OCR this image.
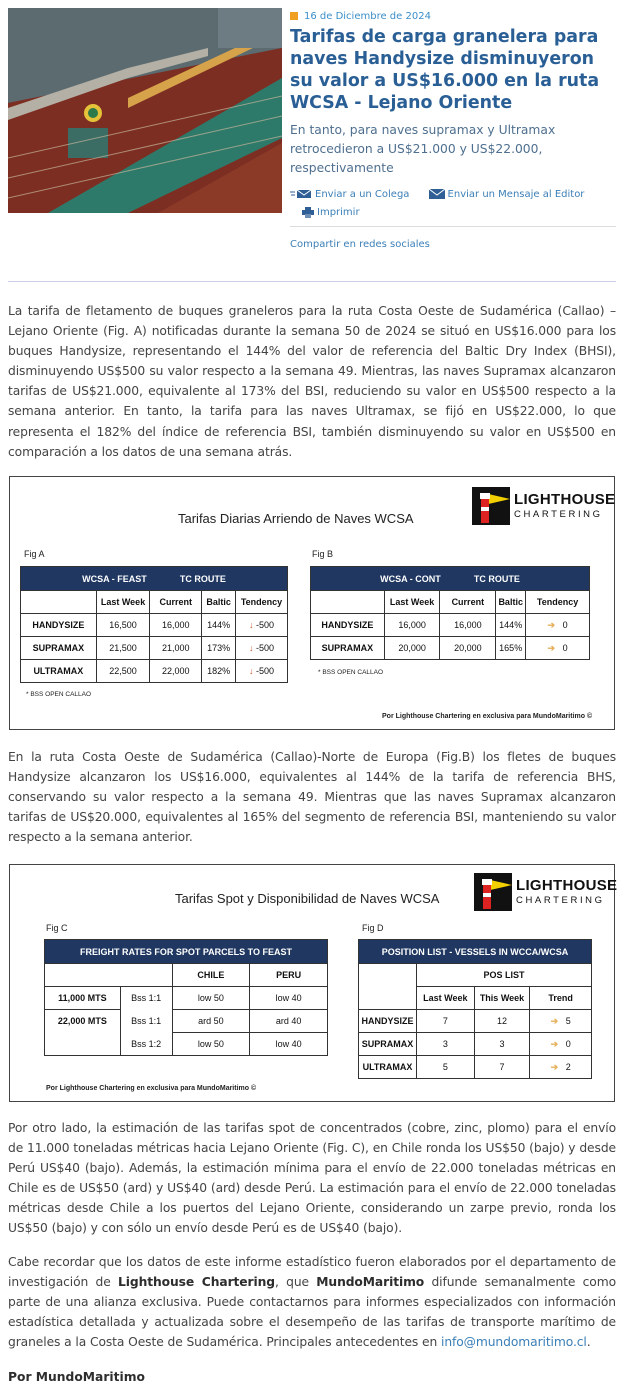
16 de Diciembre de 2024
Tarifas de carga granelera para naves Handysize disminuyeron su valor a US$16.000 en la ruta WCSA - Lejano Oriente

En tanto, para naves supramax y Ultramax retrocedieron a US$21.000 y US$22.000, respectivamente

Enviar a un Colega
	Enviar un Mensaje al Editor

Imprimir
Compartir en redes sociales

La tarifa de fletamento de buques graneleros para la ruta Costa Oeste de Sudamérica (Callao) – Lejano Oriente (Fig. A) notificadas durante la semana 50 de 2024 se situó en US$16.000 para los buques Handysize, representando el 144% del valor de referencia del Baltic Dry Index (BHSI), disminuyendo US$500 su valor respecto a la semana 49. Mientras, las naves Supramax alcanzaron tarifas de US$21.000, equivalente al 173% del BSI, reduciendo su valor en US$500 respecto a la semana anterior. En tanto, la tarifa para las naves Ultramax, se fijó en US$22.000, lo que representa el 182% del índice de referencia BSI, también disminuyendo su valor en US$500 en comparación a los datos de una semana atrás.

Tarifas Diarias Arriendo de Naves WCSA
LIGHTHOUSE
CHARTERING
Fig A
WCSA - FEAST TC ROUTE				
	Last Week	Current	Baltic	Tendency
HANDYSIZE	16,500	16,000	144%	↓ -500
SUPRAMAX	21,500	21,000	173%	↓ -500
ULTRAMAX	22,500	22,000	182%	↓ -500
* BSS OPEN CALLAO
Fig B
WCSA - CONT TC ROUTE				
	Last Week	Current	Baltic	Tendency
HANDYSIZE	16,000	16,000	144%	➔ 0
SUPRAMAX	20,000	20,000	165%	➔ 0
* BSS OPEN CALLAO
Por Lighthouse Chartering en exclusiva para MundoMaritimo ©

En la ruta Costa Oeste de Sudamérica (Callao)-Norte de Europa (Fig.B) los fletes de buques Handysize alcanzaron los US$16.000, equivalentes al 144% de la tarifa de referencia BHS, conservando su valor respecto a la semana 49. Mientras que las naves Supramax alcanzaron tarifas de US$20.000, equivalentes al 165% del segmento de referencia BSI, manteniendo su valor respecto a la semana anterior.

Tarifas Spot y Disponibilidad de Naves WCSA
LIGHTHOUSE
CHARTERING
Fig C
FREIGHT RATES FOR SPOT PARCELS TO FEAST			
		CHILE	PERU
11,000 MTS	Bss 1:1	low 50	low 40
22,000 MTS	Bss 1:1	ard 50	ard 40
	Bss 1:2	low 50	low 40
Por Lighthouse Chartering en exclusiva para MundoMaritimo ©
Fig D
POSITION LIST - VESSELS IN WCCA/WCSA			
	POS LIST		
	Last Week	This Week	Trend
HANDYSIZE	7	12	➔ 5
SUPRAMAX	3	3	➔ 0
ULTRAMAX	5	7	➔ 2

Por otro lado, la estimación de las tarifas spot de concentrados (cobre, zinc, plomo) para el envío de 11.000 toneladas métricas hacia Lejano Oriente (Fig. C), en Chile ronda los US$50 (bajo) y desde Perú US$40 (bajo). Además, la estimación mínima para el envío de 22.000 toneladas métricas en Chile es de US$50 (ard) y US$40 (ard) desde Perú. La estimación para el envío de 22.000 toneladas métricas desde Chile a los puertos del Lejano Oriente, considerando un zarpe previo, ronda los US$50 (bajo) y con sólo un envío desde Perú es de US$40 (bajo).

Cabe recordar que los datos de este informe estadístico fueron elaborados por el departamento de investigación de Lighthouse Chartering, que MundoMaritimo difunde semanalmente como parte de una alianza exclusiva. Puede contactarnos para informes especializados con información estadística detallada y actualizada sobre el desempeño de las tarifas de transporte marítimo de graneles a la Costa Oeste de Sudamérica. Principales antecedentes en info@mundomaritimo.cl.

Por MundoMaritimo
